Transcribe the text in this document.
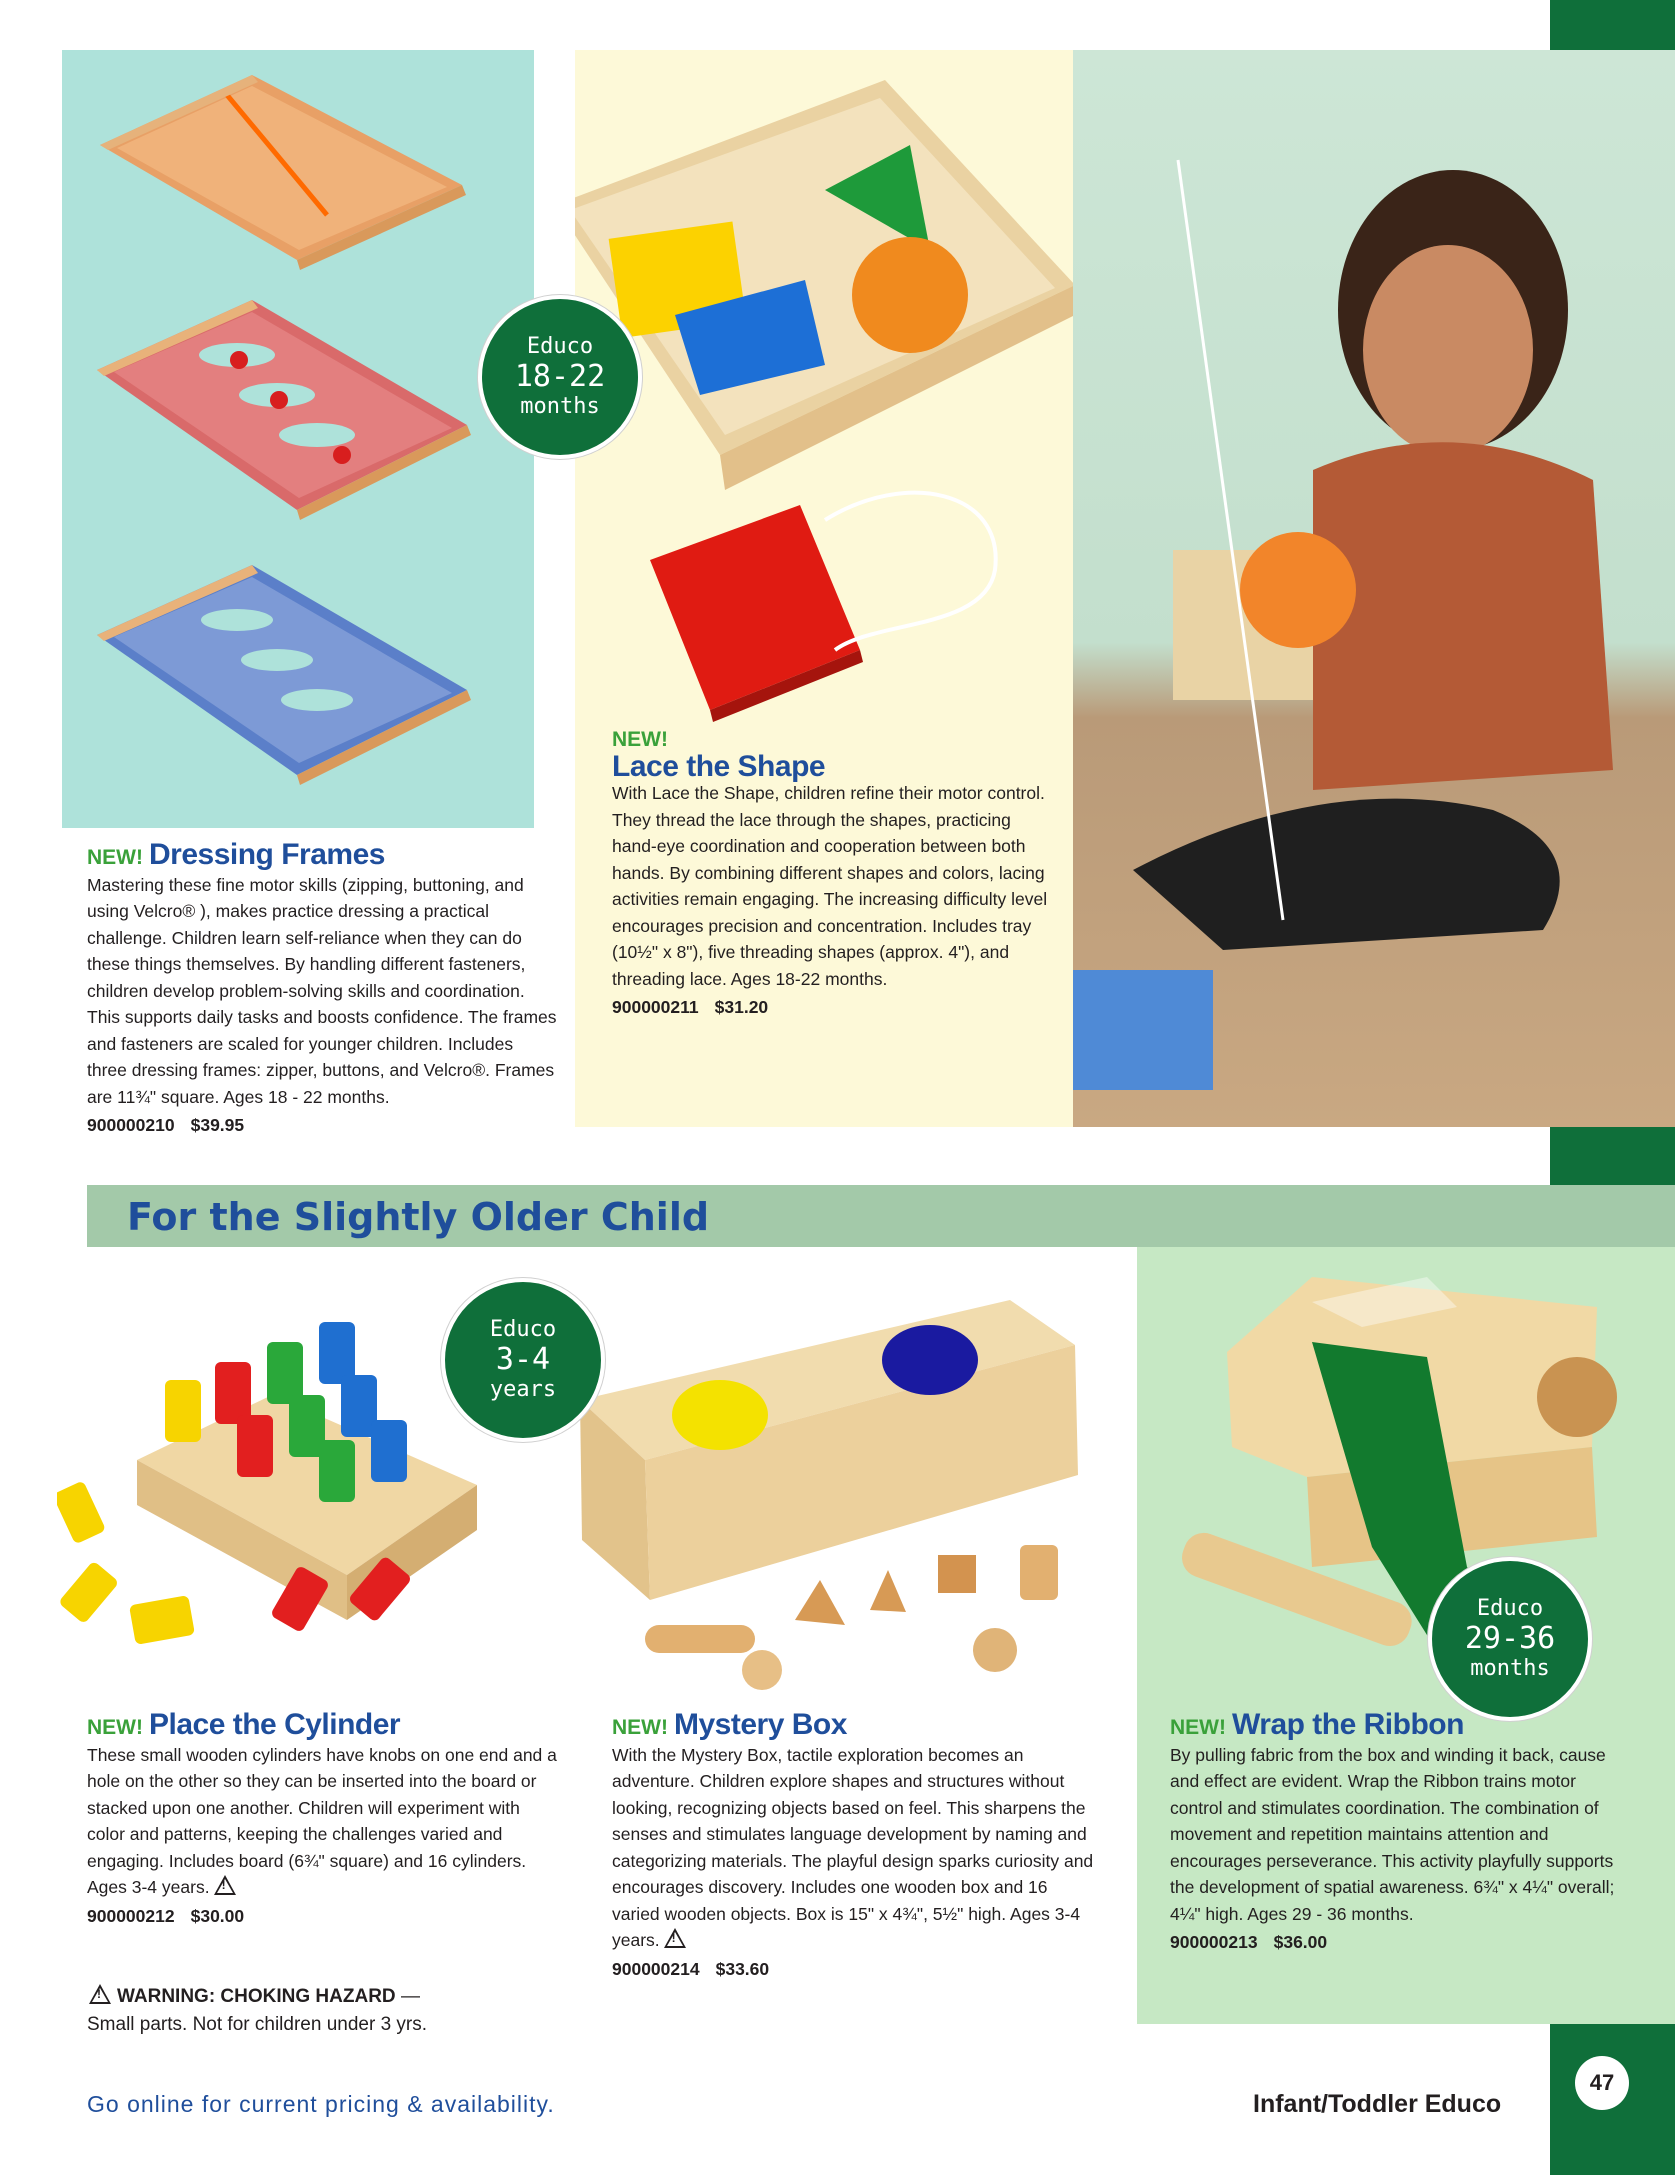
NEW! Dressing Frames
Mastering these fine motor skills (zipping, buttoning, and using Velcro® ), makes practice dressing a practical challenge. Children learn self-reliance when they can do these things themselves. By handling different fasteners, children develop problem-solving skills and coordination. This supports daily tasks and boosts confidence. The frames and fasteners are scaled for younger children. Includes three dressing frames: zipper, buttons, and Velcro®. Frames are 11¾" square. Ages 18 - 22 months.
900000210 $39.95
NEW!
Lace the Shape
With Lace the Shape, children refine their motor control. They thread the lace through the shapes, practicing hand-eye coordination and cooperation between both hands. By combining different shapes and colors, lacing activities remain engaging. The increasing difficulty level encourages precision and concentration. Includes tray (10½" x 8"), five threading shapes (approx. 4"), and threading lace. Ages 18-22 months.
900000211 $31.20
Educo
18-22
months
For the Slightly Older Child
Educo
3-4
years
Educo
29-36
months
NEW! Place the Cylinder
These small wooden cylinders have knobs on one end and a hole on the other so they can be inserted into the board or stacked upon one another. Children will experiment with color and patterns, keeping the challenges varied and engaging. Includes board (6¾" square) and 16 cylinders. Ages 3-4 years.!
900000212 $30.00
NEW! Mystery Box
With the Mystery Box, tactile exploration becomes an adventure. Children explore shapes and structures without looking, recognizing objects based on feel. This sharpens the senses and stimulates language development by naming and categorizing materials. The playful design sparks curiosity and encourages discovery. Includes one wooden box and 16 varied wooden objects. Box is 15" x 4¾", 5½" high. Ages 3-4 years.!
900000214 $33.60
NEW! Wrap the Ribbon
By pulling fabric from the box and winding it back, cause and effect are evident. Wrap the Ribbon trains motor control and stimulates coordination. The combination of movement and repetition maintains attention and encourages perseverance. This activity playfully supports the development of spatial awareness. 6¾" x 4¼" overall; 4¼" high. Ages 29 - 36 months.
900000213 $36.00
!WARNING: CHOKING HAZARD —
Small parts. Not for children under 3 yrs.
Go online for current pricing & availability.	Infant/Toddler Educo
47
